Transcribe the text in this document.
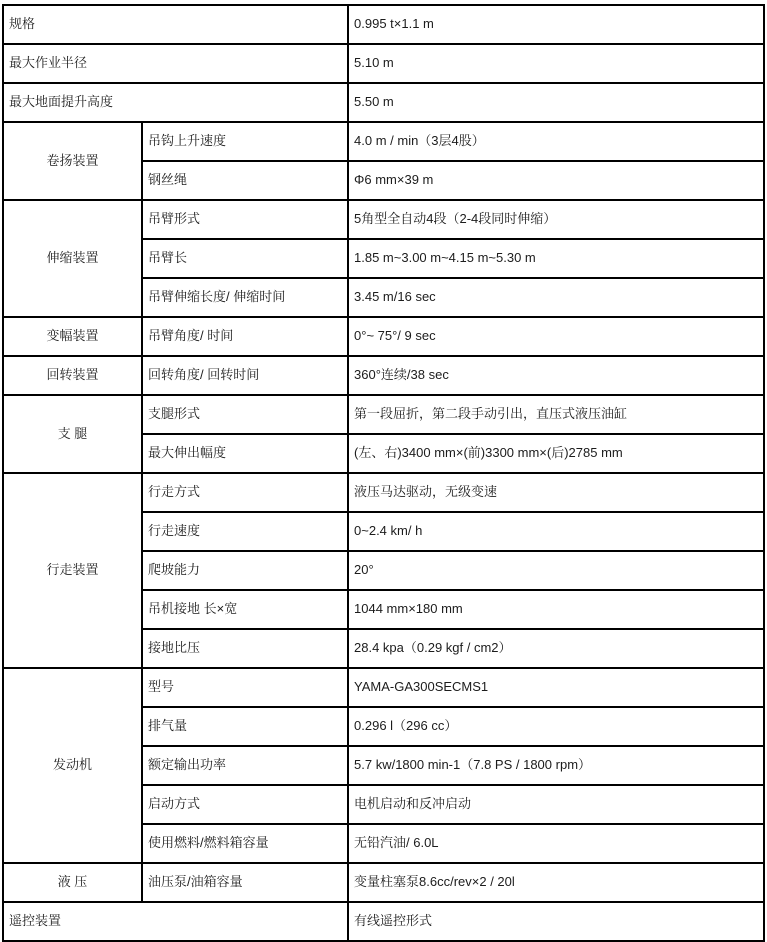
规格		0.995 t×1.1 m
最大作业半径		5.10 m
最大地面提升高度		5.50 m
卷扬装置	吊钩上升速度	4.0 m / min（3层4股）
	钢丝绳	Φ6 mm×39 m
伸缩装置	吊臂形式	5角型全自动4段（2-4段同时伸缩）
	吊臂长	1.85 m~3.00 m~4.15 m~5.30 m
	吊臂伸缩长度/ 伸缩时间	3.45 m/16 sec
变幅装置	吊臂角度/ 时间	0°~ 75°/ 9 sec
回转装置	回转角度/ 回转时间	360°连续/38 sec
支 腿	支腿形式	第一段屈折，第二段手动引出，直压式液压油缸
	最大伸出幅度	(左、右)3400 mm×(前)3300 mm×(后)2785 mm
行走装置	行走方式	液压马达驱动，无级变速
	行走速度	0~2.4 km/ h
	爬坡能力	20°
	吊机接地 长×宽	1044 mm×180 mm
	接地比压	28.4 kpa（0.29 kgf / cm2）
发动机	型号	YAMA-GA300SECMS1
	排气量	0.296 l（296 cc）
	额定输出功率	5.7 kw/1800 min-1（7.8 PS / 1800 rpm）
	启动方式	电机启动和反冲启动
	使用燃料/燃料箱容量	无铅汽油/ 6.0L
液 压	油压泵/油箱容量	变量柱塞泵8.6cc/rev×2 / 20l
遥控装置		有线遥控形式
